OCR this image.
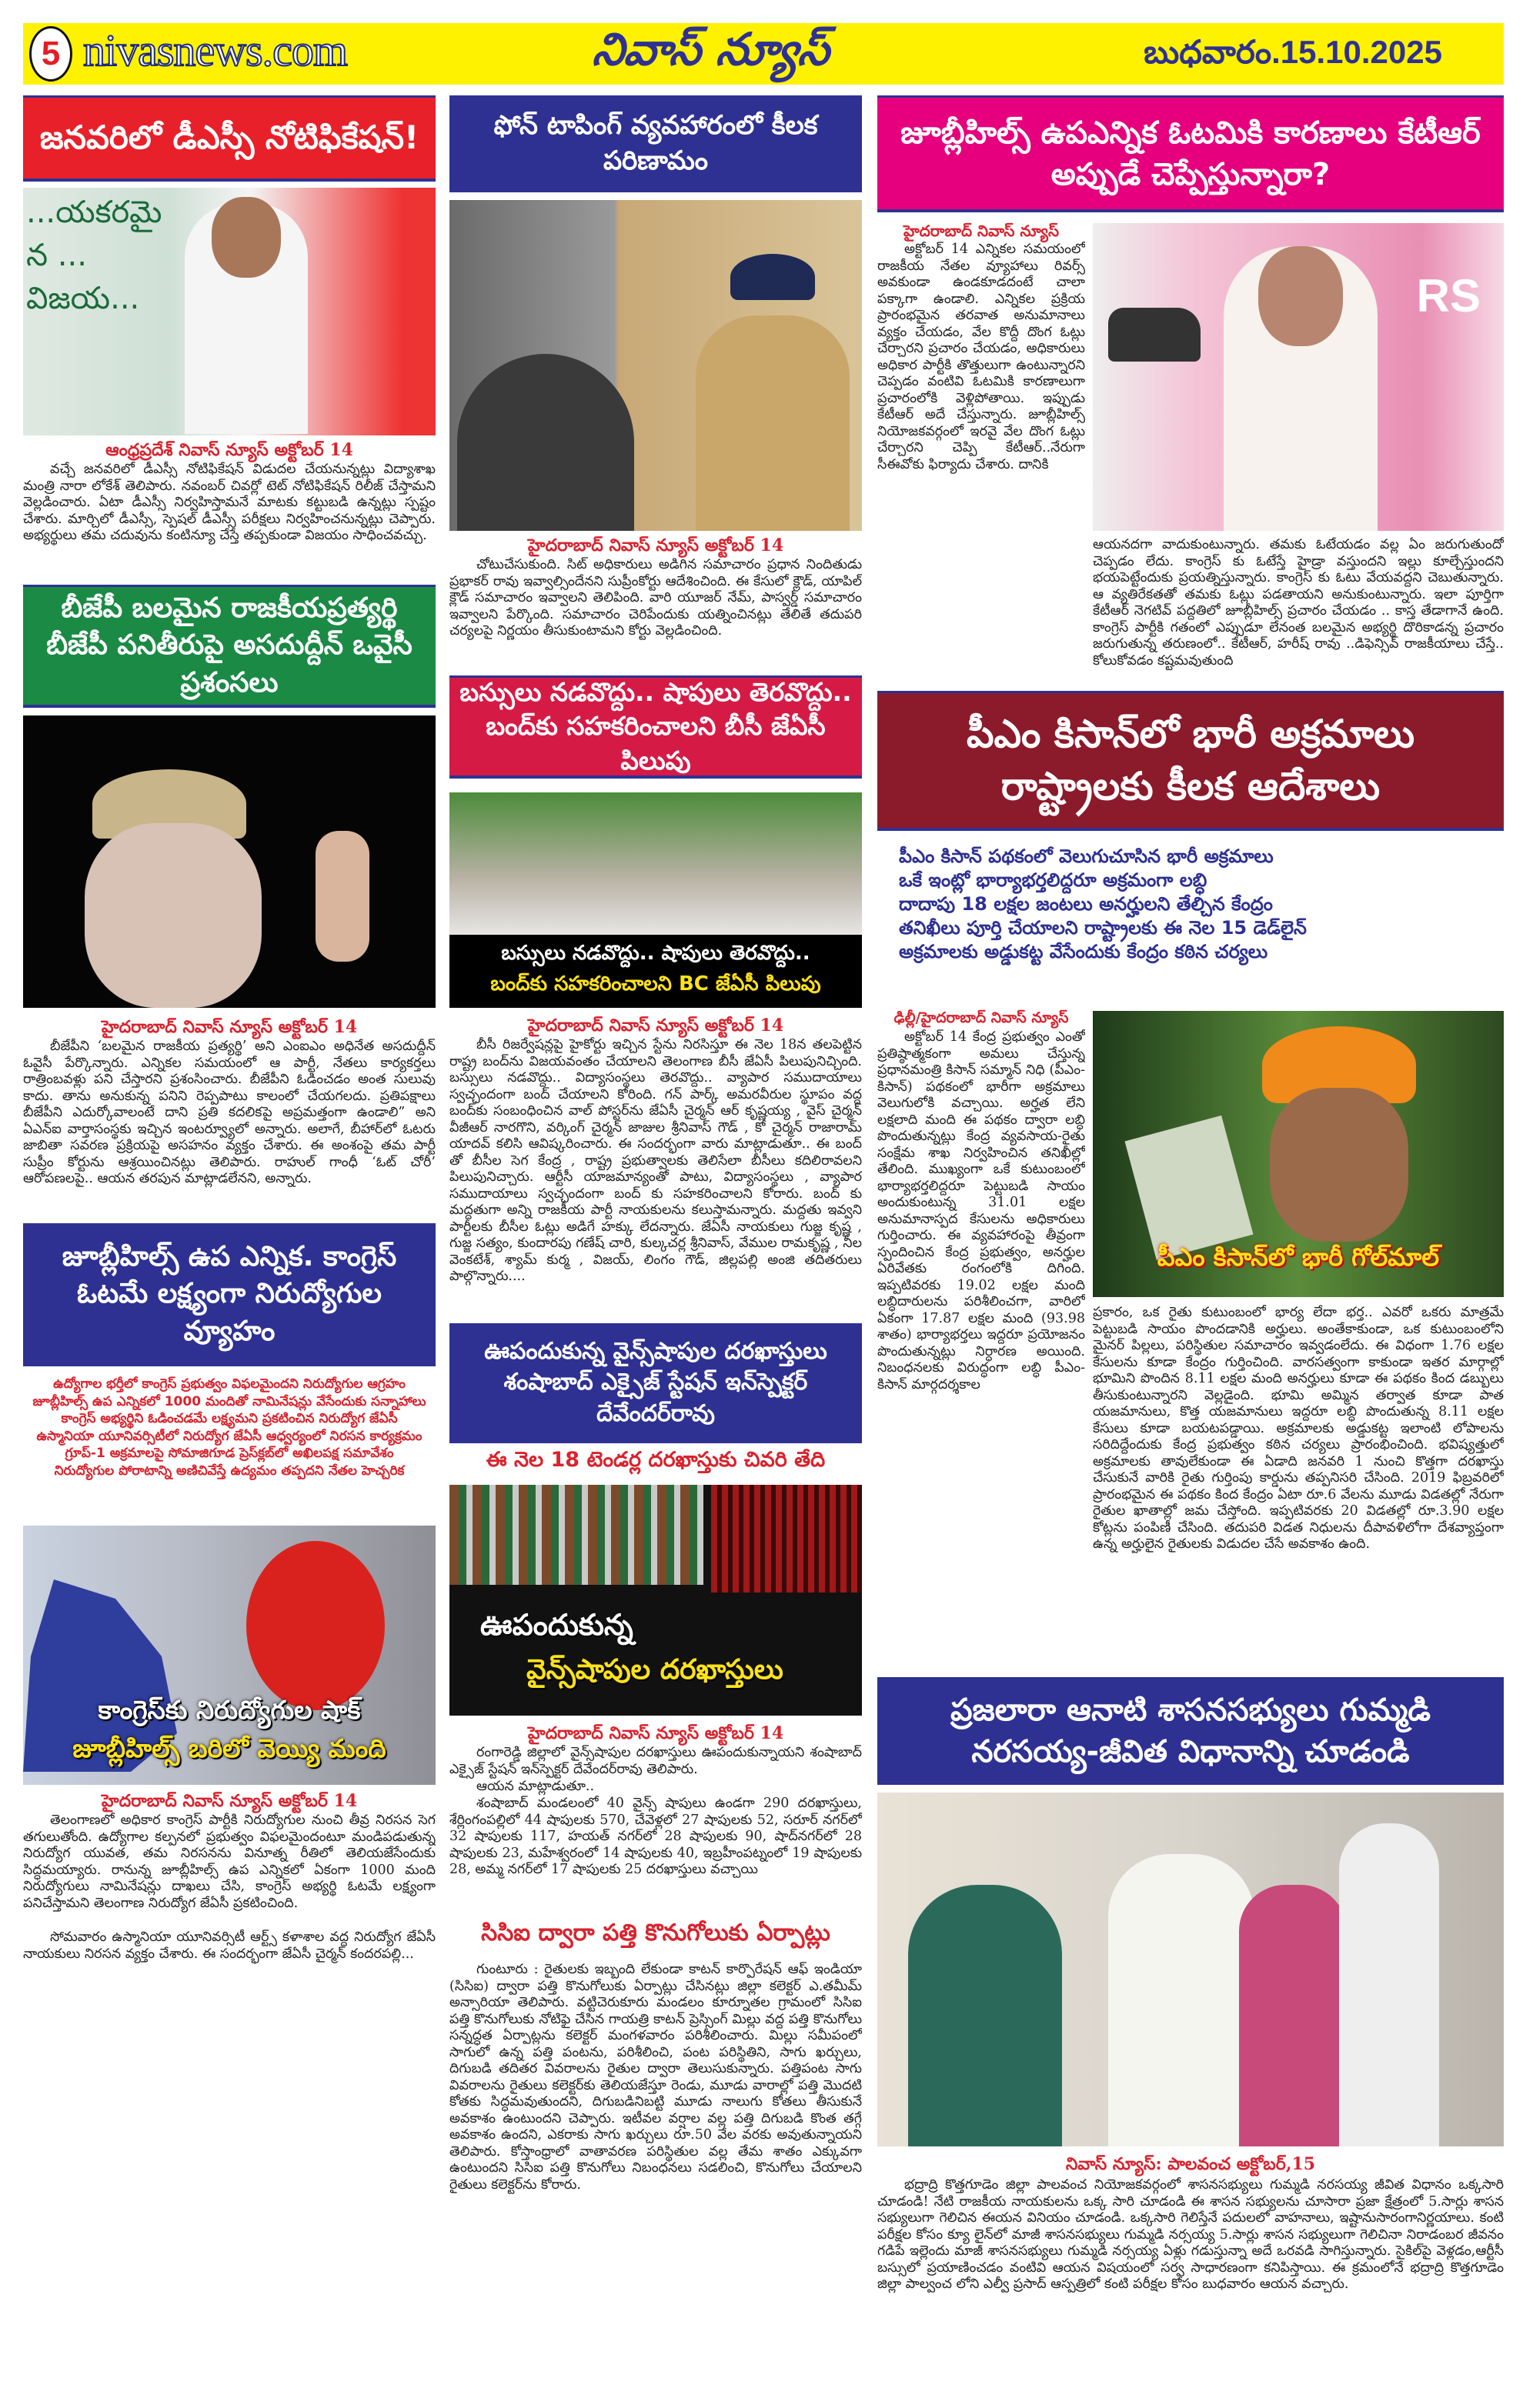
5 nivasnews.com	నివాస్ న్యూస్	బుధవారం.15.10.2025
జనవరిలో డీఎస్సీ నోటిఫికేషన్!
...యకరమైన ... విజయ...
ఆంధ్రప్రదేశ్ నివాస్ న్యూస్ అక్టోబర్ 14
వచ్చే జనవరిలో డీఎస్సీ నోటిఫికేషన్ విడుదల చేయనున్నట్లు విద్యాశాఖ మంత్రి నారా లోకేశ్ తెలిపారు. నవంబర్ చివర్లో టెట్ నోటిఫికేషన్ రిలీజ్ చేస్తామని వెల్లడించారు. ఏటా డీఎస్సీ నిర్వహిస్తామనే మాటకు కట్టుబడి ఉన్నట్లు స్పష్టం చేశారు. మార్చిలో డీఎస్సీ, స్పెషల్ డీఎస్సీ పరీక్షలు నిర్వహించనున్నట్లు చెప్పారు. అభ్యర్థులు తమ చదువును కంటిన్యూ చేస్తే తప్పకుండా విజయం సాధించవచ్చు.
బీజేపీ బలమైన రాజకీయప్రత్యర్థి బీజేపీ పనితీరుపై అసదుద్దీన్ ఒవైసీ ప్రశంసలు
హైదరాబాద్ నివాస్ న్యూస్ అక్టోబర్ 14
బీజేపీని ‘బలమైన రాజకీయ ప్రత్యర్థి’ అని ఎంఐఎం అధినేత అసదుద్దీన్ ఓవైసీ పేర్కొన్నారు. ఎన్నికల సమయంలో ఆ పార్టీ, నేతలు కార్యకర్తలు రాత్రింబవళ్లు పని చేస్తారని ప్రశంసించారు. బీజేపీని ఓడించడం అంత సులువు కాదు. తాను అనుకున్న పనిని రెప్పపాటు కాలంలో చేయగలదు. ప్రతిపక్షాలు బీజేపీని ఎదుర్కోవాలంటే దాని ప్రతి కదలికపై అప్రమత్తంగా ఉండాలి” అని ఏఎన్ఐ వార్తాసంస్థకు ఇచ్చిన ఇంటర్వ్యూలో అన్నారు. అలాగే, బీహార్‌లో ఓటరు జాబితా సవరణ ప్రక్రియపై అసహనం వ్యక్తం చేశారు. ఈ అంశంపై తమ పార్టీ సుప్రీం కోర్టును ఆశ్రయించినట్లు తెలిపారు. రాహుల్ గాంధీ ‘ఓట్ చోరీ’ ఆరోపణలపై.. ఆయన తరపున మాట్లాడలేనని, అన్నారు.
జూబ్లీహిల్స్ ఉప ఎన్నిక. కాంగ్రెస్ ఓటమే లక్ష్యంగా నిరుద్యోగుల వ్యూహం
ఉద్యోగాల భర్తీలో కాంగ్రెస్ ప్రభుత్వం విఫలమైందని నిరుద్యోగుల ఆగ్రహం
జూబ్లీహిల్స్ ఉప ఎన్నికలో 1000 మందితో నామినేషన్లు వేసేందుకు సన్నాహాలు
కాంగ్రెస్ అభ్యర్థిని ఓడించడమే లక్ష్యమని ప్రకటించిన నిరుద్యోగ జేఏసీ
ఉస్మానియా యూనివర్సిటీలో నిరుద్యోగ జేఏసీ ఆధ్వర్యంలో నిరసన కార్యక్రమం
గ్రూప్-1 అక్రమాలపై సోమాజిగూడ ప్రెస్‌క్లబ్‌లో అఖిలపక్ష సమావేశం
నిరుద్యోగుల పోరాటాన్ని అణిచివేస్తే ఉద్యమం తప్పదని నేతల హెచ్చరిక
కాంగ్రెస్‌కు నిరుద్యోగుల షాక్
జూబ్లీహిల్స్ బరిలో వెయ్యి మంది
హైదరాబాద్ నివాస్ న్యూస్ అక్టోబర్ 14
తెలంగాణలో అధికార కాంగ్రెస్ పార్టీకి నిరుద్యోగుల నుంచి తీవ్ర నిరసన సెగ తగులుతోంది. ఉద్యోగాల కల్పనలో ప్రభుత్వం విఫలమైందంటూ మండిపడుతున్న నిరుద్యోగ యువత, తమ నిరసనను వినూత్న రీతిలో తెలియజేసేందుకు సిద్ధమయ్యారు. రానున్న జూబ్లీహిల్స్ ఉప ఎన్నికలో ఏకంగా 1000 మంది నిరుద్యోగులు నామినేషన్లు దాఖలు చేసి, కాంగ్రెస్ అభ్యర్థి ఓటమే లక్ష్యంగా పనిచేస్తామని తెలంగాణ నిరుద్యోగ జేఏసీ ప్రకటించింది.
సోమవారం ఉస్మానియా యూనివర్సిటీ ఆర్ట్స్ కళాశాల వద్ద నిరుద్యోగ జేఏసీ నాయకులు నిరసన వ్యక్తం చేశారు. ఈ సందర్భంగా జేఏసీ చైర్మన్ కందరపల్లి...
ఫోన్ టాపింగ్ వ్యవహారంలో కీలక పరిణామం
హైదరాబాద్ నివాస్ న్యూస్ అక్టోబర్ 14
చోటుచేసుకుంది. సిట్ అధికారులు అడిగిన సమాచారం ప్రధాన నిందితుడు ప్రభాకర్ రావు ఇవ్వాల్సిందేనని సుప్రీంకోర్టు ఆదేశించింది. ఈ కేసులో క్లౌడ్, యాపిల్ క్లౌడ్ సమాచారం ఇవ్వాలని తెలిపింది. వారి యూజర్ నేమ్, పాస్వర్డ్ సమాచారం ఇవ్వాలని పేర్కొంది. సమాచారం చెరిపేందుకు యత్నించినట్లు తేలితే తదుపరి చర్యలపై నిర్ణయం తీసుకుంటామని కోర్టు వెల్లడించింది.
బస్సులు నడవొద్దు.. షాపులు తెరవొద్దు.. బంద్‌కు సహకరించాలని బీసీ జేఏసీ పిలుపు
బస్సులు నడవొద్దు.. షాపులు తెరవొద్దు..
బంద్‌కు సహకరించాలని BC జేఏసీ పిలుపు
హైదరాబాద్ నివాస్ న్యూస్ అక్టోబర్ 14
బీసీ రిజర్వేషన్లపై హైకోర్టు ఇచ్చిన స్టేను నిరసిస్తూ ఈ నెల 18న తలపెట్టిన రాష్ట్ర బంద్‌ను విజయవంతం చేయాలని తెలంగాణ బీసీ జేఏసీ పిలుపునిచ్చింది. బస్సులు నడవొద్దు.. విద్యాసంస్థలు తెరవొద్దు.. వ్యాపార సముదాయాలు స్వచ్ఛందంగా బంద్ చేయాలని కోరింది. గన్ పార్క్ అమరవీరుల స్థూపం వద్ద బంద్‌కు సంబంధించిన వాల్ పోస్టర్‌ను జేఏసీ చైర్మన్ ఆర్ కృష్ణయ్య , వైస్ చైర్మన్ వీజీఆర్ నారగొని, వర్కింగ్ చైర్మన్ జాజుల శ్రీనివాస్ గౌడ్ , కో చైర్మన్ రాజారామ్ యాదవ్ కలిసి ఆవిష్కరించారు. ఈ సందర్భంగా వారు మాట్లాడుతూ.. ఈ బంద్ తో బీసీల సెగ కేంద్ర , రాష్ట్ర ప్రభుత్వాలకు తెలిసేలా బీసీలు కదిలిరావలని పిలుపునిచ్చారు. ఆర్టీసీ యాజమాన్యంతో పాటు, విద్యాసంస్థలు , వ్యాపార సముదాయాలు స్వచ్ఛందంగా బంద్ కు సహకరించాలని కోరారు. బంద్ కు మద్దతుగా అన్ని రాజకీయ పార్టీ నాయకులను కలుస్తామన్నారు. మద్దతు ఇవ్వని పార్టీలకు బీసీల ఓట్లు అడిగే హక్కు లేదన్నారు. జేఏసీ నాయకులు గుజ్జ కృష్ణ , గుజ్జ సత్యం, కుందారపు గణేష్ చారి, కుల్కచర్ల శ్రీనివాస్, వేముల రామకృష్ణ , నీల వెంకటేశ్, శ్యామ్ కుర్మ , విజయ్, లింగం గౌడ్, జిల్లపల్లి అంజి తదితరులు పాల్గొన్నారు....
ఊపందుకున్న వైన్స్‌షాపుల దరఖాస్తులు శంషాబాద్ ఎక్సైజ్ స్టేషన్ ఇన్‌స్పెక్టర్ దేవేందర్‌రావు
ఈ నెల 18 టెండర్ల దరఖాస్తుకు చివరి తేది
ఊపందుకున్న
వైన్స్‌షాపుల దరఖాస్తులు
హైదరాబాద్ నివాస్ న్యూస్ అక్టోబర్ 14
రంగారెడ్డి జిల్లాలో వైన్స్‌షాపుల దరఖాస్తులు ఊపందుకున్నాయని శంషాబాద్ ఎక్సైజ్ స్టేషన్ ఇన్‌స్పెక్టర్ దేవేందర్‌రావు తెలిపారు.
ఆయన మాట్లాడుతూ..
శంషాబాద్ మండలంలో 40 వైన్స్ షాపులు ఉండగా 290 దరఖాస్తులు, శేర్లింగంపల్లిలో 44 షాపులకు 570, చేవెళ్లలో 27 షాపులకు 52, సరూర్ నగర్‌లో 32 షాపులకు 117, హయత్ నగర్‌లో 28 షాపులకు 90, షాద్‌నగర్‌లో 28 షాపులకు 23, మహేశ్వరంలో 14 షాపులకు 40, ఇబ్రహీంపట్నంలో 19 షాపులకు 28, అమ్మ నగర్‌లో 17 షాపులకు 25 దరఖాస్తులు వచ్చాయి
సిసిఐ ద్వారా పత్తి కొనుగోలుకు ఏర్పాట్లు
గుంటూరు : రైతులకు ఇబ్బంది లేకుండా కాటన్ కార్పొరేషన్ ఆఫ్ ఇండియా (సిసిఐ) ద్వారా పత్తి కొనుగోలుకు ఏర్పాట్లు చేసినట్లు జిల్లా కలెక్టర్ ఎ.తమీమ్ అన్సారియా తెలిపారు. వట్టిచెరుకూరు మండలం కూర్నూతల గ్రామంలో సిసిఐ పత్తి కొనుగోలుకు నోటిఫై చేసిన గాయత్రి కాటన్ ప్రెస్సింగ్ మిల్లు వద్ద పత్తి కొనుగోలు సన్నద్ధత ఏర్పాట్లను కలెక్టర్ మంగళవారం పరిశీలించారు. మిల్లు సమీపంలో సాగులో ఉన్న పత్తి పంటను, పరిశీలించి, పంట పరిస్థితిని, సాగు ఖర్చులు, దిగుబడి తదితర వివరాలను రైతుల ద్వారా తెలుసుకున్నారు. పత్తిపంట సాగు వివరాలను రైతులు కలెక్టర్‌కు తెలియజేస్తూ రెండు, మూడు వారాల్లో పత్తి మొదటి కోతకు సిద్ధమవుతుందని, దిగుబడినిబట్టి మూడు నాలుగు కోతలు తీసుకునే అవకాశం ఉంటుందని చెప్పారు. ఇటీవల వర్షాల వల్ల పత్తి దిగుబడి కొంత తగ్గే అవకాశం ఉందని, ఎకరాకు సాగు ఖర్చులు రూ.50 వేల వరకు అవుతున్నాయని తెలిపారు. కోస్తాంధ్రాలో వాతావరణ పరిస్థితుల వల్ల తేమ శాతం ఎక్కువగా ఉంటుందని సిసిఐ పత్తి కొనుగోలు నిబంధనలు సడలించి, కొనుగోలు చేయాలని రైతులు కలెక్టర్‌ను కోరారు.
జూబ్లీహిల్స్ ఉపఎన్నిక ఓటమికి కారణాలు కేటీఆర్ అప్పుడే చెప్పేస్తున్నారా?
హైదరాబాద్ నివాస్ న్యూస్
అక్టోబర్ 14 ఎన్నికల సమయంలో రాజకీయ నేతల వ్యూహాలు రివర్స్ అవకుండా ఉండకూడదంటే చాలా పక్కాగా ఉండాలి. ఎన్నికల ప్రక్రియ ప్రారంభమైన తరవాత అనుమానాలు వ్యక్తం చేయడం, వేల కొద్దీ దొంగ ఓట్లు చేర్చారని ప్రచారం చేయడం, అధికారులు అధికార పార్టీకి తొత్తులుగా ఉంటున్నారని చెప్పడం వంటివి ఓటమికి కారణాలుగా ప్రచారంలోకి వెళ్లిపోతాయి. ఇప్పుడు కేటీఆర్ అదే చేస్తున్నారు. జూబ్లీహిల్స్ నియోజకవర్గంలో ఇరవై వేల దొంగ ఓట్లు చేర్చారని చెప్పి కేటీఆర్..నేరుగా సీఈవోకు ఫిర్యాదు చేశారు. దానికి
RS
ఆయనదగా వాదుకుంటున్నారు. తమకు ఓటేయడం వల్ల ఏం జరుగుతుందో చెప్పడం లేదు. కాంగ్రెస్ కు ఓటేస్తే హైడ్రా వస్తుందని ఇల్లు కూల్చేస్తుందని భయపెట్టేందుకు ప్రయత్నిస్తున్నారు. కాంగ్రెస్ కు ఓటు వేయవద్దని చెబుతున్నారు. ఆ వ్యతిరేకతతో తమకు ఓట్లు పడతాయని అనుకుంటున్నారు. ఇలా పూర్తిగా కేటీఆర్ నెగటివ్ పద్దతిలో జూబ్లీహిల్స్ ప్రచారం చేయడం .. కాస్త తేడాగానే ఉంది. కాంగ్రెస్ పార్టీకి గతంలో ఎప్పుడూ లేనంత బలమైన అభ్యర్థి దొరికాడన్న ప్రచారం జరుగుతున్న తరుణంలో.. కేటీఆర్, హరీష్ రావు ..డిఫెన్సివ్ రాజకీయాలు చేస్తే.. కోలుకోవడం కష్టమవుతుంది
పీఎం కిసాన్‌లో భారీ అక్రమాలు రాష్ట్రాలకు కీలక ఆదేశాలు
పీఎం కిసాన్ పథకంలో వెలుగుచూసిన భారీ అక్రమాలు
ఒకే ఇంట్లో భార్యాభర్తలిద్దరూ అక్రమంగా లబ్ధి
దాదాపు 18 లక్షల జంటలు అనర్హులని తేల్చిన కేంద్రం
తనిఖీలు పూర్తి చేయాలని రాష్ట్రాలకు ఈ నెల 15 డెడ్‌లైన్
అక్రమాలకు అడ్డుకట్ట వేసేందుకు కేంద్రం కఠిన చర్యలు
ఢిల్లీ/హైదరాబాద్ నివాస్ న్యూస్
అక్టోబర్ 14 కేంద్ర ప్రభుత్వం ఎంతో ప్రతిష్ఠాత్మకంగా అమలు చేస్తున్న ప్రధానమంత్రి కిసాన్ సమ్మాన్ నిధి (పీఎం-కిసాన్) పథకంలో భారీగా అక్రమాలు వెలుగులోకి వచ్చాయి. అర్హత లేని లక్షలాది మంది ఈ పథకం ద్వారా లబ్ధి పొందుతున్నట్లు కేంద్ర వ్యవసాయ-రైతు సంక్షేమ శాఖ నిర్వహించిన తనిఖీల్లో తేలింది. ముఖ్యంగా ఒకే కుటుంబంలో భార్యాభర్తలిద్దరూ పెట్టుబడి సాయం అందుకుంటున్న 31.01 లక్షల అనుమానాస్పద కేసులను అధికారులు గుర్తించారు. ఈ వ్యవహారంపై తీవ్రంగా స్పందించిన కేంద్ర ప్రభుత్వం, అనర్హుల ఏరివేతకు రంగంలోకి దిగింది. ఇప్పటివరకు 19.02 లక్షల మంది లబ్ధిదారులను పరిశీలించగా, వారిలో ఏకంగా 17.87 లక్షల మంది (93.98 శాతం) భార్యాభర్తలు ఇద్దరూ ప్రయోజనం పొందుతున్నట్లు నిర్ధారణ అయింది. నిబంధనలకు విరుద్ధంగా లబ్ధి పీఎం-కిసాన్ మార్గదర్శకాల
పీఎం కిసాన్‌లో భారీ గోల్‌మాల్
ప్రకారం, ఒక రైతు కుటుంబంలో భార్య లేదా భర్త.. ఎవరో ఒకరు మాత్రమే పెట్టుబడి సాయం పొందడానికి అర్హులు. అంతేకాకుండా, ఒక కుటుంబంలోని మైనర్ పిల్లలు, పరిస్థితుల సమాచారం ఇవ్వడంలేదు. ఈ విధంగా 1.76 లక్షల కేసులను కూడా కేంద్రం గుర్తించింది. వారసత్వంగా కాకుండా ఇతర మార్గాల్లో భూమిని పొందిన 8.11 లక్షల మంది అనర్హులు కూడా ఈ పథకం కింద డబ్బులు తీసుకుంటున్నారని వెల్లడైంది. భూమి అమ్మిన తర్వాత కూడా పాత యజమానులు, కొత్త యజమానులు ఇద్దరూ లబ్ధి పొందుతున్న 8.11 లక్షల కేసులు కూడా బయటపడ్డాయి. అక్రమాలకు అడ్డుకట్ట ఇలాంటి లోపాలను సరిదిద్దేందుకు కేంద్ర ప్రభుత్వం కఠిన చర్యలు ప్రారంభించింది. భవిష్యత్తులో అక్రమాలకు తావులేకుండా ఈ ఏడాది జనవరి 1 నుంచి కొత్తగా దరఖాస్తు చేసుకునే వారికి రైతు గుర్తింపు కార్డును తప్పనిసరి చేసింది. 2019 ఫిబ్రవరిలో ప్రారంభమైన ఈ పథకం కింద కేంద్రం ఏటా రూ.6 వేలను మూడు విడతల్లో నేరుగా రైతుల ఖాతాల్లో జమ చేస్తోంది. ఇప్పటివరకు 20 విడతల్లో రూ.3.90 లక్షల కోట్లను పంపిణీ చేసింది. తదుపరి విడత నిధులను దీపావళిలోగా దేశవ్యాప్తంగా ఉన్న అర్హులైన రైతులకు విడుదల చేసే అవకాశం ఉంది.
ప్రజలారా ఆనాటి శాసనసభ్యులు గుమ్మడి నరసయ్య-జీవిత విధానాన్ని చూడండి
నివాస్ న్యూస్: పాలవంచ అక్టోబర్,15
భద్రాద్రి కొత్తగూడెం జిల్లా పాలవంచ నియోజకవర్గంలో శాసనసభ్యులు గుమ్మడి నరసయ్య జీవిత విధానం ఒక్కసారి చూడండి! నేటి రాజకీయ నాయకులను ఒక్క సారి చూడండి ఈ శాసన సభ్యులను చూసారా ప్రజా క్షేత్రంలో 5.సార్లు శాసన సభ్యులుగా గెలిచిన ఈయన వినియం చూడండి. ఒక్కసారి గెలిస్తేనే పదులలో వాహనాలు, ఇష్టానుసారంగానిర్ణయాలు. కంటి పరీక్షల కోసం క్యూ లైన్‌లో మాజీ శాసనసభ్యులు గుమ్మడి నర్సయ్య 5.సార్లు శాసన సభ్యులుగా గెలిచినా నిరాడంబర జీవనం గడిపే ఇల్లెందు మాజీ శాసనసభ్యులు గుమ్మడి నర్సయ్య ఏళ్లు గడుస్తున్నా అదే ఒరవడి సాగిస్తున్నారు. సైకిల్‌పై వెళ్లడం,ఆర్టీసీ బస్సులో ప్రయాణించడం వంటివి ఆయన విషయంలో సర్వ సాధారణంగా కనిపిస్తాయి. ఈ క్రమంలోనే భద్రాద్రి కొత్తగూడెం జిల్లా పాల్వంచ లోని ఎల్వీ ప్రసాద్ ఆస్పత్రిలో కంటి పరీక్షల కోసం బుధవారం ఆయన వచ్చారు.
